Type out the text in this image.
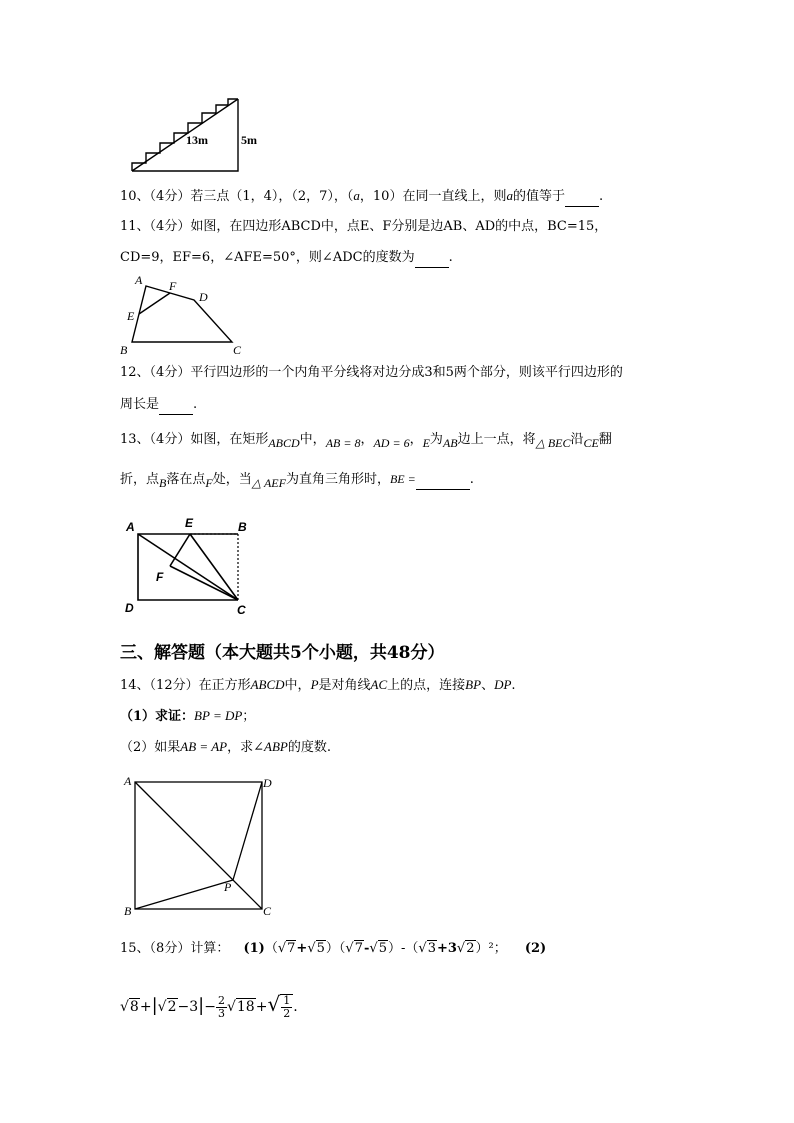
13m	5m
10、（4分）若三点（1，4），（2，7），（a，10）在同一直线上，则a的值等于	.
11、（4分）如图，在四边形ABCD中，点E、F分别是边AB、AD的中点，BC=15，
CD=9，EF=6，∠AFE=50°，则∠ADC的度数为	.
A F
D
E
B	C
12、（4分）平行四边形的一个内角平分线将对边分成3和5两个部分，则该平行四边形的
周长是	.
13、（4分）如图，在矩形ABCD中，AB = 8，AD = 6，E为AB边上一点，将△ BEC沿CE翻
折，点B落在点F处，当△ AEF为直角三角形时，BE =	.
A	E	B
F
D	C
三、解答题（本大题共5个小题，共48分）
14、（12分）在正方形ABCD中，P是对角线AC上的点，连接BP、DP.
（1）求证：BP = DP；
（2）如果AB = AP，求∠ABP的度数.
A	D
P
B	C
15、（8分）计算： (1)（√7+√5）（√7-√5）-（√3+3√2）²； (2)
$√8+|√2-3|- \frac{2}{3} √18+√ \frac{1}{2}$ .
